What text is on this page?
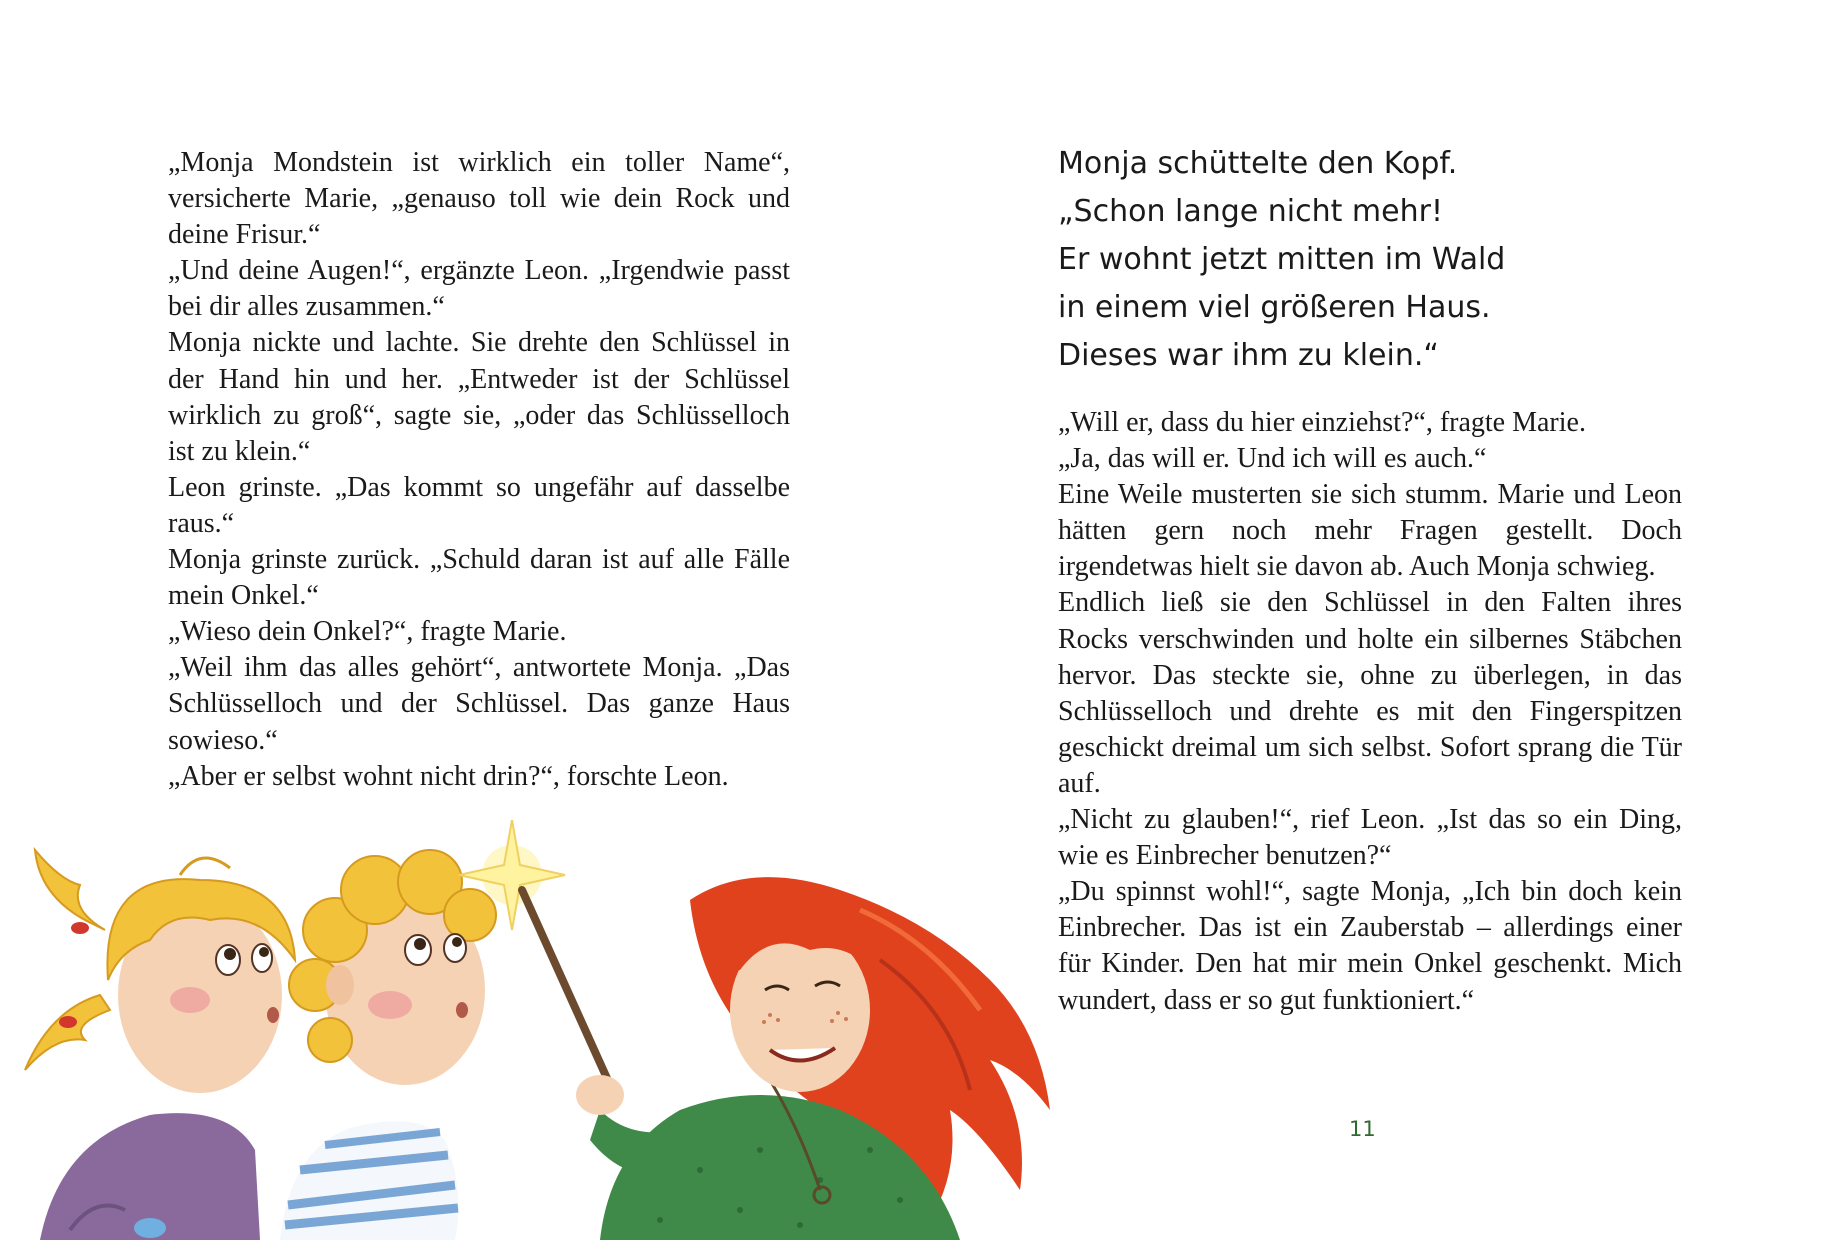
„Monja Mondstein ist wirklich ein toller Name“, versicherte Marie, „genauso toll wie dein Rock und deine Frisur.“

„Und deine Augen!“, ergänzte Leon. „Irgendwie passt bei dir alles zusammen.“

Monja nickte und lachte. Sie drehte den Schlüssel in der Hand hin und her. „Entweder ist der Schlüssel wirklich zu groß“, sagte sie, „oder das Schlüsselloch ist zu klein.“

Leon grinste. „Das kommt so ungefähr auf dasselbe raus.“

Monja grinste zurück. „Schuld daran ist auf alle Fälle mein Onkel.“

„Wieso dein Onkel?“, fragte Marie.

„Weil ihm das alles gehört“, antwortete Monja. „Das Schlüsselloch und der Schlüssel. Das ganze Haus sowieso.“

„Aber er selbst wohnt nicht drin?“, forschte Leon.

Monja schüttelte den Kopf.

„Schon lange nicht mehr!

Er wohnt jetzt mitten im Wald

in einem viel größeren Haus.

Dieses war ihm zu klein.“

„Will er, dass du hier einziehst?“, fragte Marie.

„Ja, das will er. Und ich will es auch.“

Eine Weile musterten sie sich stumm. Marie und Leon hätten gern noch mehr Fragen gestellt. Doch irgendetwas hielt sie davon ab. Auch Monja schwieg.

Endlich ließ sie den Schlüssel in den Falten ihres Rocks verschwinden und holte ein silbernes Stäbchen hervor. Das steckte sie, ohne zu überlegen, in das Schlüsselloch und drehte es mit den Fingerspitzen geschickt dreimal um sich selbst. Sofort sprang die Tür auf.

„Nicht zu glauben!“, rief Leon. „Ist das so ein Ding, wie es Einbrecher benutzen?“

„Du spinnst wohl!“, sagte Monja, „Ich bin doch kein Einbrecher. Das ist ein Zauberstab – allerdings einer für Kinder. Den hat mir mein Onkel geschenkt. Mich wundert, dass er so gut funktioniert.“

11
